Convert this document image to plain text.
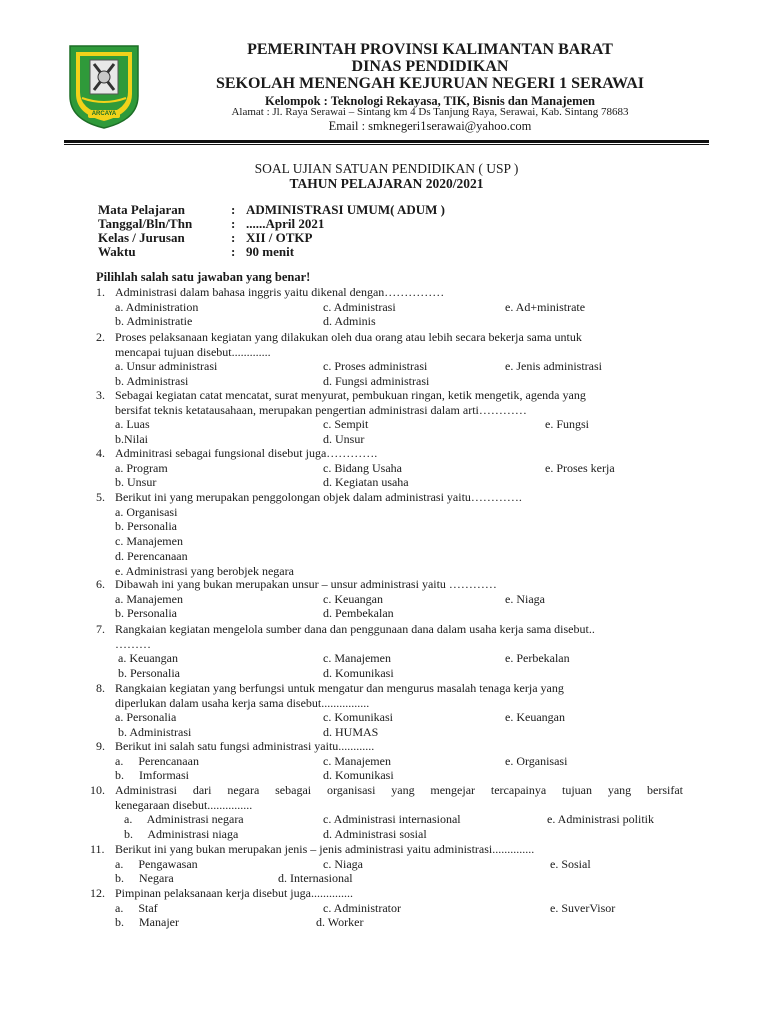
ARCAYA
PEMERINTAH PROVINSI KALIMANTAN BARAT
DINAS PENDIDIKAN
SEKOLAH MENENGAH KEJURUAN NEGERI 1 SERAWAI
Kelompok : Teknologi Rekayasa, TIK, Bisnis dan Manajemen
Alamat : Jl. Raya Serawai – Sintang km 4 Ds Tanjung Raya, Serawai, Kab. Sintang 78683
Email : smknegeri1serawai@yahoo.com
SOAL UJIAN SATUAN PENDIDIKAN ( USP )
TAHUN PELAJARAN 2020/2021
Mata Pelajaran	: ADMINISTRASI UMUM( ADUM )
Tanggal/Bln/Thn	: ......April 2021
Kelas / Jurusan	: XII / OTKP
Waktu	: 90 menit
Pilihlah salah satu jawaban yang benar!
1. Administrasi dalam bahasa inggris yaitu dikenal dengan……………
a. Administration	c. Administrasi	e. Ad+ministrate
b. Administratie	d. Adminis
2. Proses pelaksanaan kegiatan yang dilakukan oleh dua orang atau lebih secara bekerja sama untuk
mencapai tujuan disebut.............
a. Unsur administrasi	c. Proses administrasi	e. Jenis administrasi
b. Administrasi	d. Fungsi administrasi
3. Sebagai kegiatan catat mencatat, surat menyurat, pembukuan ringan, ketik mengetik, agenda yang
bersifat teknis ketatausahaan, merupakan pengertian administrasi dalam arti…………
a. Luas	c. Sempit	e. Fungsi
b.Nilai	d. Unsur
4. Adminitrasi sebagai fungsional disebut juga………….
a. Program	c. Bidang Usaha	e. Proses kerja
b. Unsur	d. Kegiatan usaha
5. Berikut ini yang merupakan penggolongan objek dalam administrasi yaitu………….
a. Organisasi
b. Personalia
c. Manajemen
d. Perencanaan
e. Administrasi yang berobjek negara
6. Dibawah ini yang bukan merupakan unsur – unsur administrasi yaitu …………
a. Manajemen	c. Keuangan	e. Niaga
b. Personalia	d. Pembekalan
7. Rangkaian kegiatan mengelola sumber dana dan penggunaan dana dalam usaha kerja sama disebut..
………
a. Keuangan	c. Manajemen	e. Perbekalan
b. Personalia	d. Komunikasi
8. Rangkaian kegiatan yang berfungsi untuk mengatur dan mengurus masalah tenaga kerja yang
diperlukan dalam usaha kerja sama disebut................
a. Personalia	c. Komunikasi	e. Keuangan
b. Administrasi	d. HUMAS
9. Berikut ini salah satu fungsi administrasi yaitu............
a.     Perencanaan	c. Manajemen	e. Organisasi
b.     Imformasi	d. Komunikasi
10. Administrasi dari negara sebagai organisasi yang mengejar tercapainya tujuan yang bersifat
kenegaraan disebut...............
a.     Administrasi negara	c. Administrasi internasional	e. Administrasi politik
b.     Administrasi niaga	d. Administrasi sosial
11. Berikut ini yang bukan merupakan jenis – jenis administrasi yaitu administrasi..............
a.     Pengawasan	c. Niaga	e. Sosial
b.     Negara	d. Internasional
12. Pimpinan pelaksanaan kerja disebut juga..............
a.     Staf	c. Administrator	e. SuverVisor
b.     Manajer	d. Worker
